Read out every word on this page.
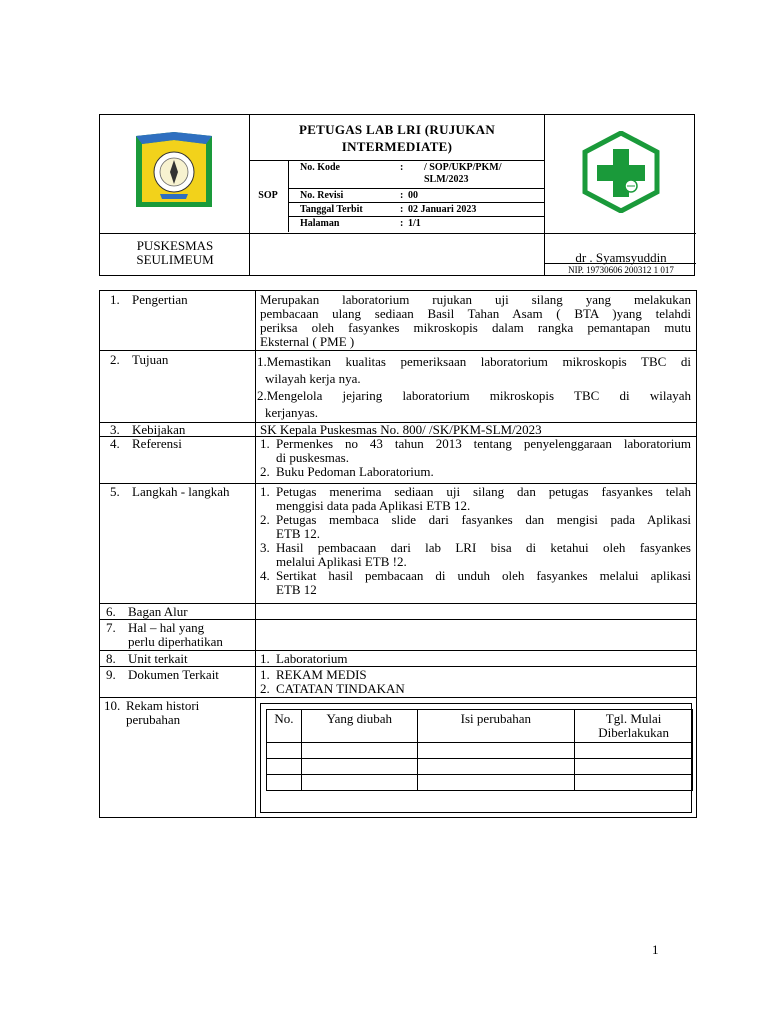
PETUGAS LAB LRI (RUJUKAN INTERMEDIATE)
SOP
No. Kode	:	/ SOP/UKP/PKM/ SLM/2023
No. Revisi	: 00
Tanggal Terbit	: 02 Januari 2023
Halaman	: 1/1
PUSKESMAS
SEULIMEUM	dr . Syamsyuddin
NIP. 19730606 200312 1 017
1. Pengertian	Merupakan laboratorium rujukan uji silang yang melakukan
pembacaan ulang sediaan Basil Tahan Asam ( BTA )yang telahdi
periksa oleh fasyankes mikroskopis dalam rangka pemantapan mutu
Eksternal ( PME )
2. Tujuan	1.Memastikan kualitas pemeriksaan laboratorium mikroskopis TBC di
wilayah kerja nya.
2.Mengelola jejaring laboratorium mikroskopis TBC di wilayah
kerjanyas.
3. Kebijakan	SK Kepala Puskesmas No. 800/ /SK/PKM-SLM/2023
4. Referensi	1. Permenkes no 43 tahun 2013 tentang penyelenggaraan laboratorium
di puskesmas.
2. Buku Pedoman Laboratorium.
5. Langkah - langkah	1. Petugas menerima sediaan uji silang dan petugas fasyankes telah
menggisi data pada Aplikasi ETB 12.
2. Petugas membaca slide dari fasyankes dan mengisi pada Aplikasi
ETB 12.
3. Hasil pembacaan dari lab LRI bisa di ketahui oleh fasyankes
melalui Aplikasi ETB !2.
4. Sertikat hasil pembacaan di unduh oleh fasyankes melalui aplikasi
ETB 12
6. Bagan Alur
7. Hal – hal yang
perlu diperhatikan
8. Unit terkait	1. Laboratorium
9. Dokumen Terkait	1. REKAM MEDIS
2. CATATAN TINDAKAN
10. Rekam histori
perubahan	No.	Yang diubah	Isi perubahan	Tgl. Mulai Diberlakukan

1
